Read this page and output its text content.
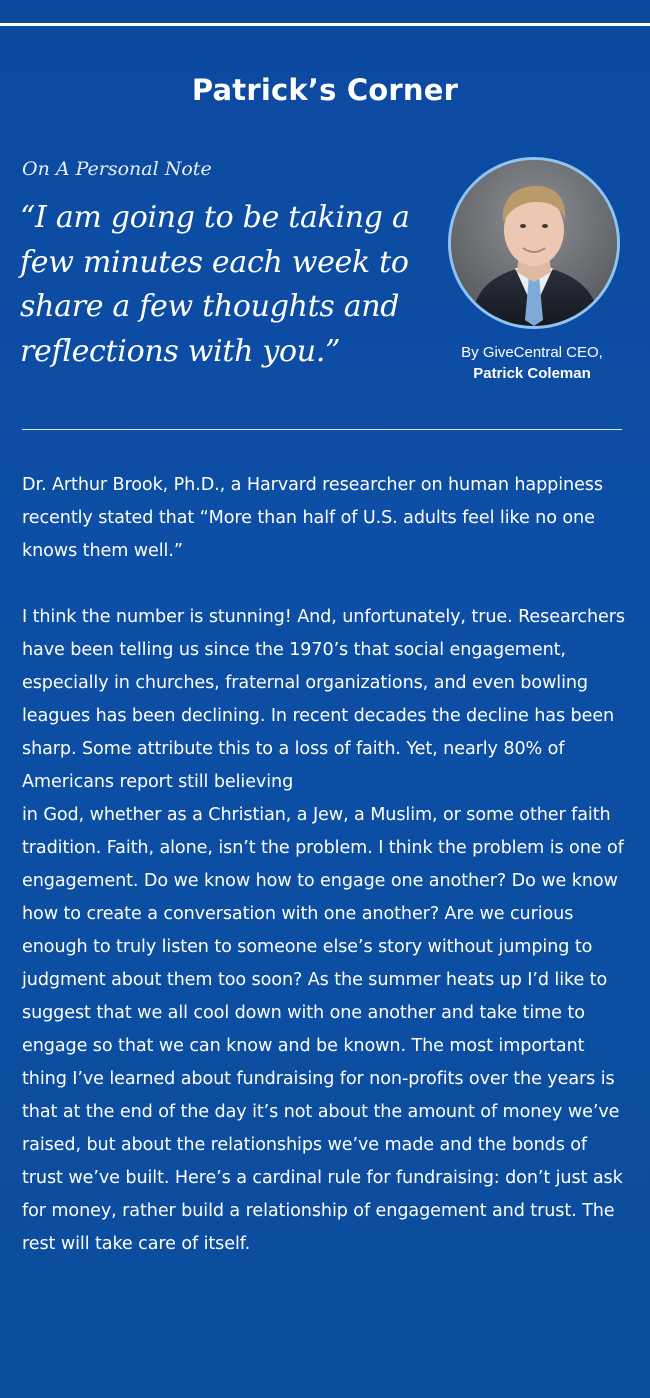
Patrick’s Corner
On A Personal Note
“I am going to be taking a few minutes each week to share a few thoughts and reflections with you.”	By GiveCentral CEO,
Patrick Coleman

Dr. Arthur Brook, Ph.D., a Harvard researcher on human happiness recently stated that “More than half of U.S. adults feel like no one knows them well.”

I think the number is stunning! And, unfortunately, true. Researchers have been telling us since the 1970’s that social engagement, especially in churches, fraternal organizations, and even bowling leagues has been declining. In recent decades the decline has been sharp. Some attribute this to a loss of faith. Yet, nearly 80% of Americans report still believing

in God, whether as a Christian, a Jew, a Muslim, or some other faith tradition. Faith, alone, isn’t the problem. I think the problem is one of engagement. Do we know how to engage one another? Do we know how to create a conversation with one another? Are we curious enough to truly listen to someone else’s story without jumping to judgment about them too soon? As the summer heats up I’d like to suggest that we all cool down with one another and take time to engage so that we can know and be known. The most important thing I’ve learned about fundraising for non-profits over the years is that at the end of the day it’s not about the amount of money we’ve raised, but about the relationships we’ve made and the bonds of trust we’ve built. Here’s a cardinal rule for fundraising: don’t just ask for money, rather build a relationship of engagement and trust. The rest will take care of itself.
